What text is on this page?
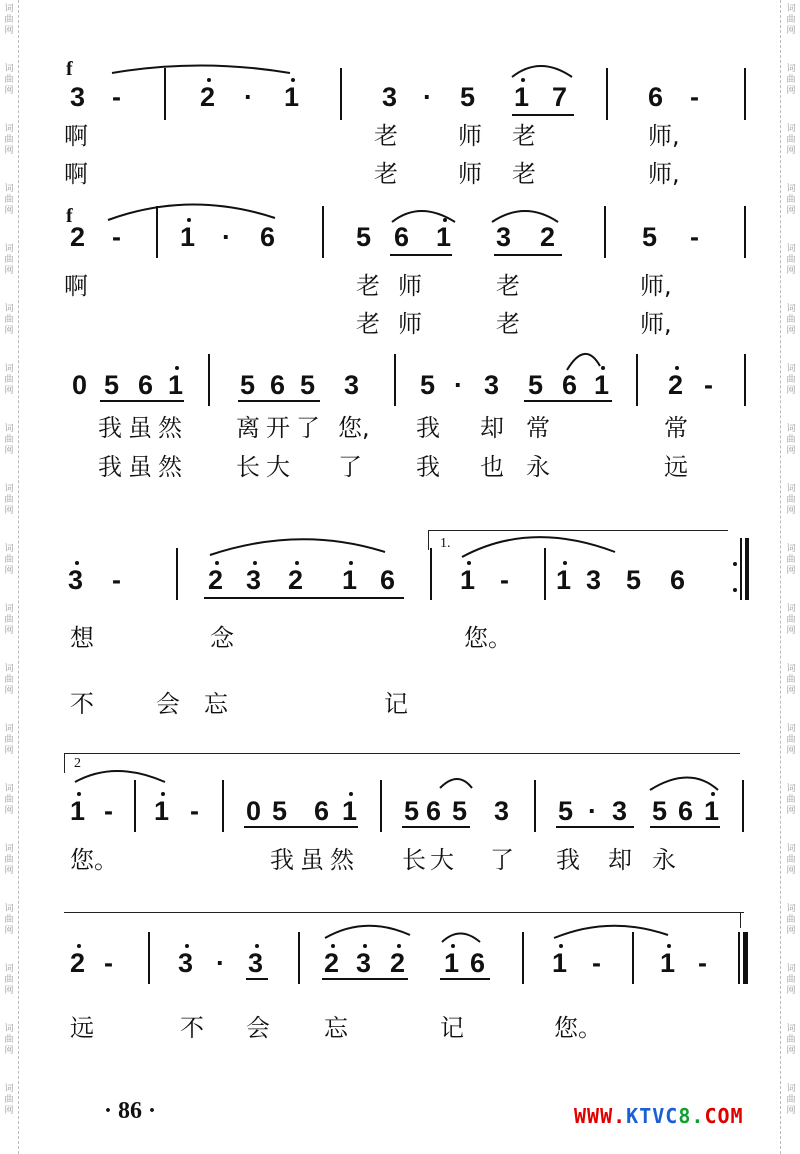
词
曲
网
词
曲
网
词
曲
网
词
曲
网
词
曲
网
词
曲
网
词
曲
网
词
曲
网
词
曲
网
词
曲
网
词
曲
网
词
曲
网
词
曲
网
词
曲
网
词
曲
网
词
曲
网
词
曲
网
词
曲
网
词
曲
网
词
曲
网
词
曲
网
词
曲
网
词
曲
网
词
曲
网
词
曲
网
词
曲
网
词
曲
网
词
曲
网
词
曲
网
词
曲
网
词
曲
网
词
曲
网
词
曲
网
词
曲
网
词
曲
网
词
曲
网
词
曲
网
词
曲
网
f
3 -	2 · 1	3 · 5 1 7	6 -
啊	老	师 老	师,
啊	老	师 老	师,
f
2 - 1 · 6	5 6 1 3 2	5 -
啊	老 师	老	师,
老 师	老	师,
0 5 6 1 5 6 5 3 5 · 3 5 6 1 2 -
我 虽 然 离 开 了 您, 我 却 常	常
我 虽 然 长 大 了 我 也 永	远
1.
3 -	2 3 2 1 6 1 - 1 3 5 6
想	念	您。
不	会 忘	记
2
1 - 1 - 0 5 6 1 5 6 5 3 5 · 3 5 6 1
您。	我 虽 然 长 大 了 我 却 永
2 - 3 · 3 2 3 2 1 6 1 - 1 -
远	不 会 忘	记	您。
· 86 ·	WWW.KTVC8.COM
